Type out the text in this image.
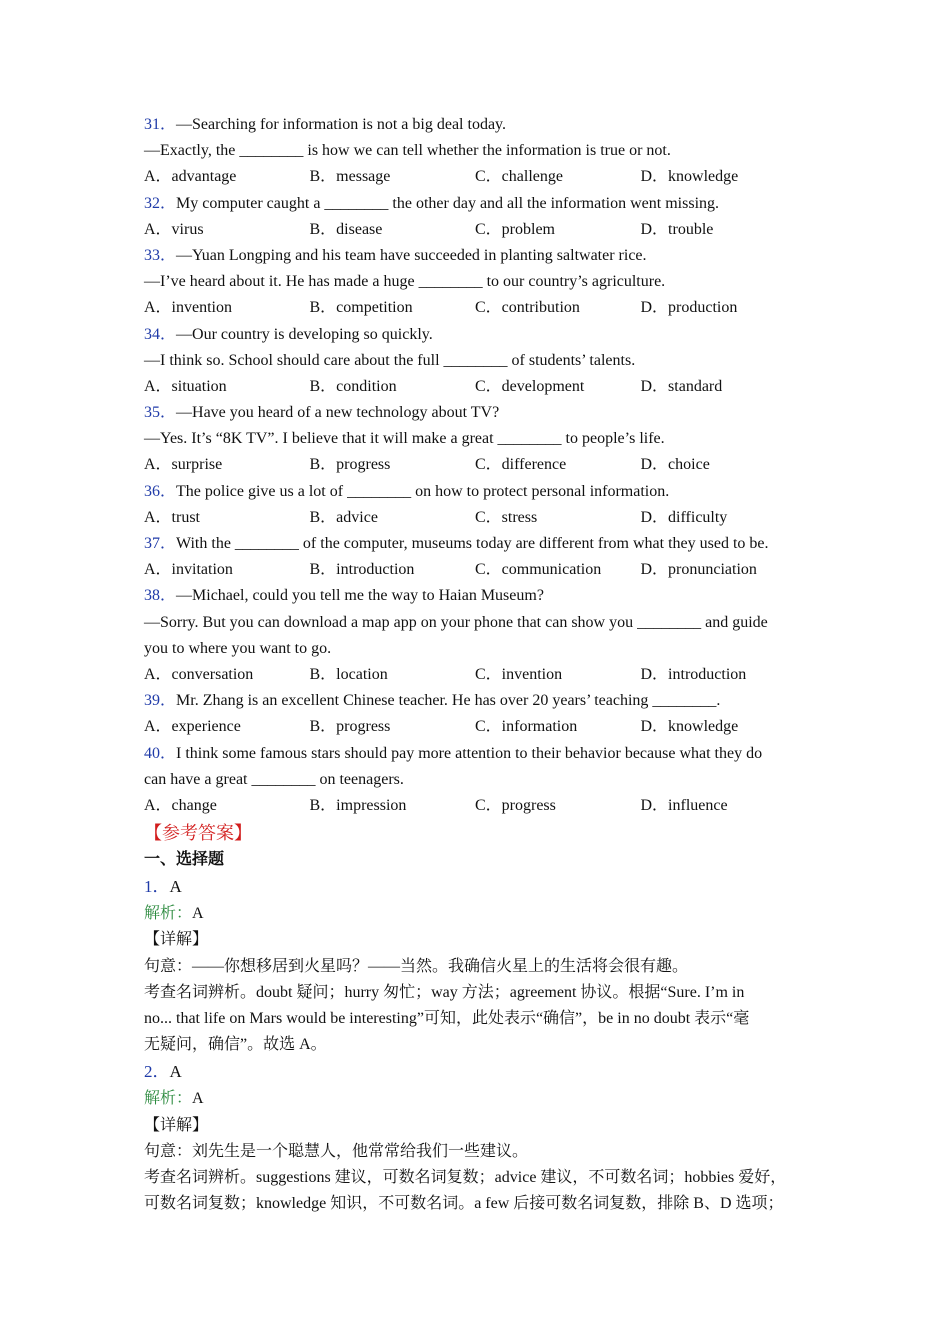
31．—Searching for information is not a big deal today.
—Exactly, the ________ is how we can tell whether the information is true or not.
A．advantage	B．message	C．challenge	D．knowledge
32．My computer caught a ________ the other day and all the information went missing.
A．virus	B．disease	C．problem	D．trouble
33．—Yuan Longping and his team have succeeded in planting saltwater rice.
—I’ve heard about it. He has made a huge ________ to our country’s agriculture.
A．invention	B．competition	C．contribution	D．production
34．—Our country is developing so quickly.
—I think so. School should care about the full ________ of students’ talents.
A．situation	B．condition	C．development	D．standard
35．—Have you heard of a new technology about TV?
—Yes. It’s “8K TV”. I believe that it will make a great ________ to people’s life.
A．surprise	B．progress	C．difference	D．choice
36．The police give us a lot of ________ on how to protect personal information.
A．trust	B．advice	C．stress	D．difficulty
37．With the ________ of the computer, museums today are different from what they used to be.
A．invitation	B．introduction	C．communication	D．pronunciation
38．—Michael, could you tell me the way to Haian Museum?
—Sorry. But you can download a map app on your phone that can show you ________ and guide
you to where you want to go.
A．conversation	B．location	C．invention	D．introduction
39．Mr. Zhang is an excellent Chinese teacher. He has over 20 years’ teaching ________.
A．experience	B．progress	C．information	D．knowledge
40．I think some famous stars should pay more attention to their behavior because what they do
can have a great ________ on teenagers.
A．change	B．impression	C．progress	D．influence
【参考答案】
一、选择题
1．A
解析：A
【详解】
句意：——你想移居到火星吗？——当然。我确信火星上的生活将会很有趣。
考查名词辨析。doubt 疑问；hurry 匆忙；way 方法；agreement 协议。根据“Sure. I’m in
no... that life on Mars would be interesting”可知，此处表示“确信”，be in no doubt 表示“毫
无疑问，确信”。故选 A。
2．A
解析：A
【详解】
句意：刘先生是一个聪慧人，他常常给我们一些建议。
考查名词辨析。suggestions 建议，可数名词复数；advice 建议，不可数名词；hobbies 爱好，
可数名词复数；knowledge 知识，不可数名词。a few 后接可数名词复数，排除 B、D 选项；
